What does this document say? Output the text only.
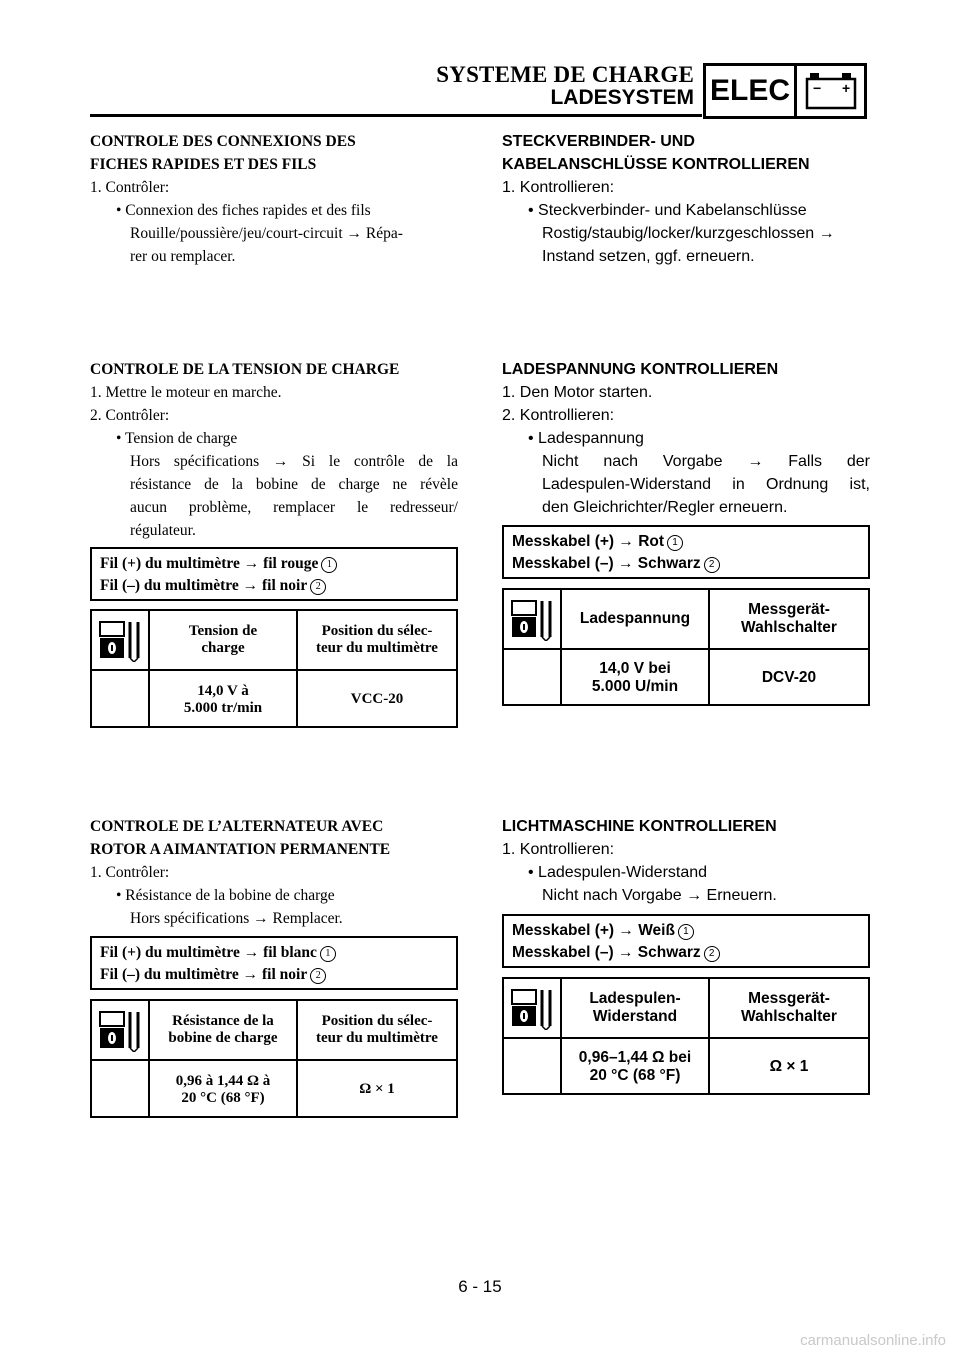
SYSTEME DE CHARGE
LADESYSTEM ELEC	− +
CONTROLE DES CONNEXIONS DES
FICHES RAPIDES ET DES FILS
1. Contrôler:
• Connexion des fiches rapides et des fils
Rouille/poussière/jeu/court-circuit → Répa-
rer ou remplacer.
CONTROLE DE LA TENSION DE CHARGE
1. Mettre le moteur en marche.
2. Contrôler:
• Tension de charge
Hors spécifications → Si le contrôle de la
résistance de la bobine de charge ne révèle
aucun problème, remplacer le redresseur/
régulateur.
Fil (+) du multimètre → fil rouge 1
Fil (–) du multimètre → fil noir 2
Tension de
charge
Position du sélec-
teur du multimètre
14,0 V à
5.000 tr/min
VCC-20
CONTROLE DE L’ALTERNATEUR AVEC
ROTOR A AIMANTATION PERMANENTE
1. Contrôler:
• Résistance de la bobine de charge
Hors spécifications → Remplacer.
Fil (+) du multimètre → fil blanc 1
Fil (–) du multimètre → fil noir 2
Résistance de la
bobine de charge
Position du sélec-
teur du multimètre
0,96 à 1,44 Ω à
20 °C (68 °F)
Ω × 1
STECKVERBINDER- UND
KABELANSCHLÜSSE KONTROLLIEREN
1. Kontrollieren:
• Steckverbinder- und Kabelanschlüsse
Rostig/staubig/locker/kurzgeschlossen →
Instand setzen, ggf. erneuern.
LADESPANNUNG KONTROLLIEREN
1. Den Motor starten.
2. Kontrollieren:
• Ladespannung
Nicht nach Vorgabe → Falls der
Ladespulen-Widerstand in Ordnung ist,
den Gleichrichter/Regler erneuern.
Messkabel (+) → Rot 1
Messkabel (–) → Schwarz 2
Ladespannung
Messgerät-
Wahlschalter
14,0 V bei
5.000 U/min
DCV-20
LICHTMASCHINE KONTROLLIEREN
1. Kontrollieren:
• Ladespulen-Widerstand
Nicht nach Vorgabe → Erneuern.
Messkabel (+) → Weiß 1
Messkabel (–) → Schwarz 2
Ladespulen-
Widerstand
Messgerät-
Wahlschalter
0,96–1,44 Ω bei
20 °C (68 °F)
Ω × 1
6 - 15
carmanualsonline.info
